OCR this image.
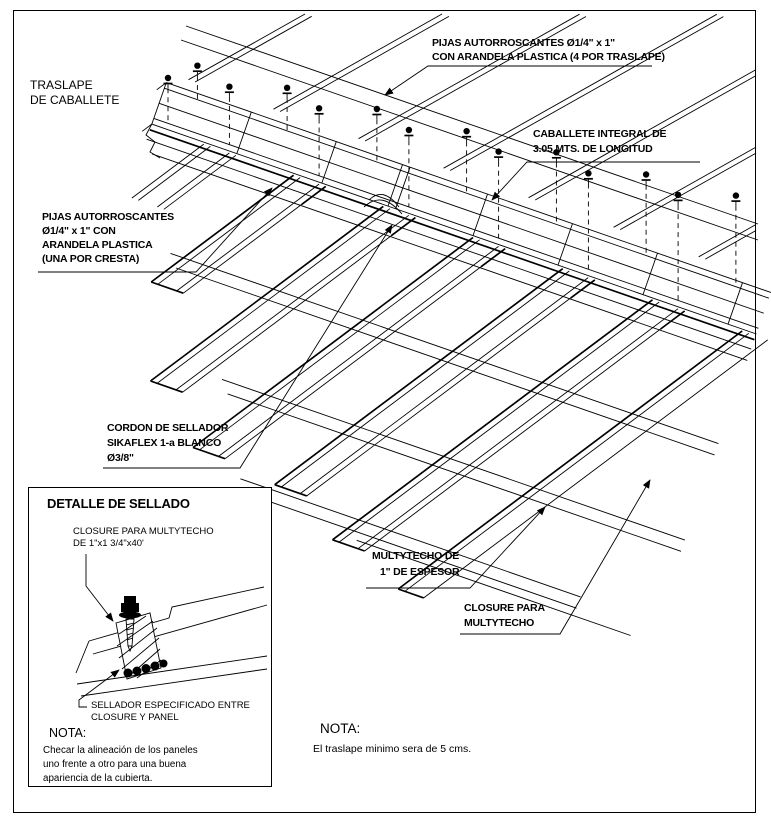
TRASLAPE
DE CABALLETE
PIJAS AUTORROSCANTES Ø1/4" x 1"
CON ARANDELA PLASTICA (4 POR TRASLAPE)
CABALLETE INTEGRAL DE
3.05 MTS. DE LONGITUD
PIJAS AUTORROSCANTES
Ø1/4" x 1" CON
ARANDELA PLASTICA
(UNA POR CRESTA)
CORDON DE SELLADOR
SIKAFLEX 1-a BLANCO
Ø3/8"
MULTYTECHO DE
1" DE ESPESOR
CLOSURE PARA
MULTYTECHO
NOTA:
El traslape minimo sera de 5 cms.
DETALLE DE SELLADO
CLOSURE PARA MULTYTECHO
DE 1"x1 3/4"x40'
SELLADOR ESPECIFICADO ENTRE
CLOSURE Y PANEL
NOTA:
Checar la alineación de los paneles
uno frente a otro para una buena
apariencia de la cubierta.
